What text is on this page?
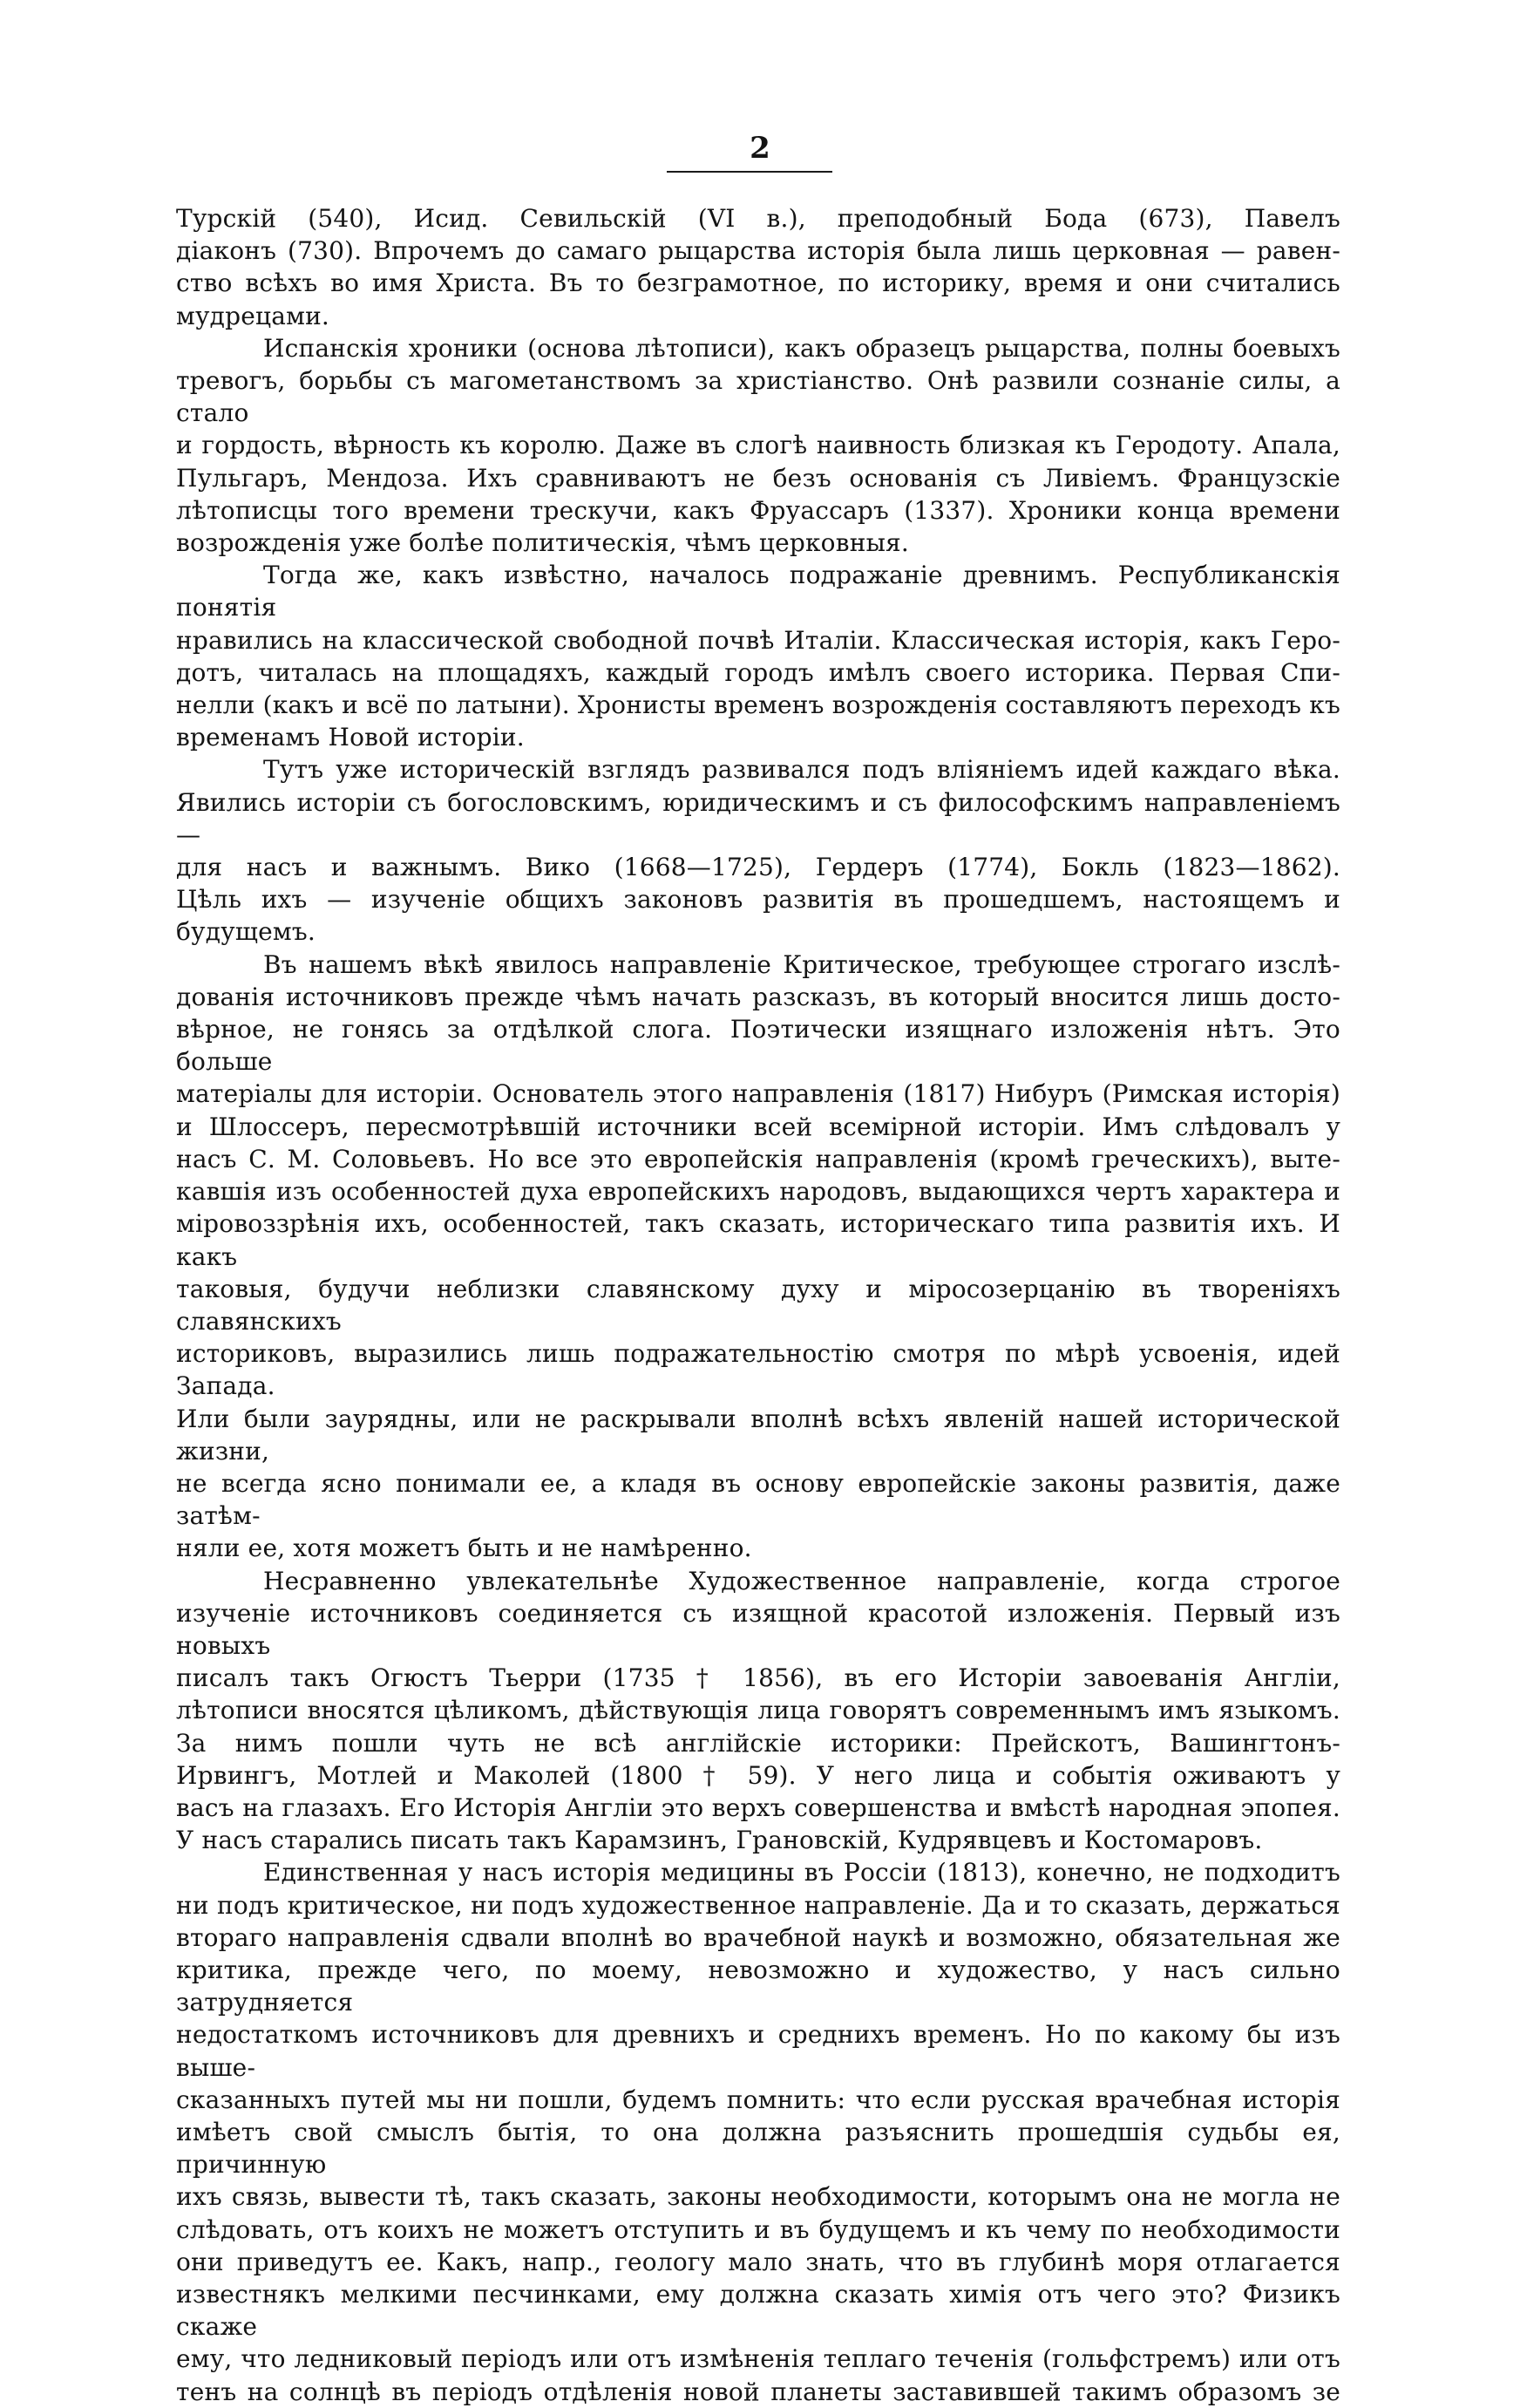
2

Турскій (540), Исид. Севильскій (VI в.), преподобный Бода (673), Павелъ

діаконъ (730). Впрочемъ до самаго рыцарства исторія была лишь церковная — равен-

ство всѣхъ во имя Христа. Въ то безграмотное, по историку, время и они считались

мудрецами.

Испанскія хроники (основа лѣтописи), какъ образецъ рыцарства, полны боевыхъ

тревогъ, борьбы съ магометанствомъ за христіанство. Онѣ развили сознаніе силы, а стало

и гордость, вѣрность къ королю. Даже въ слогѣ наивность близкая къ Геродоту. Апала,

Пульгаръ, Мендоза. Ихъ сравниваютъ не безъ основанія съ Ливіемъ. Французскіе

лѣтописцы того времени трескучи, какъ Фруассаръ (1337). Хроники конца времени

возрожденія уже болѣе политическія, чѣмъ церковныя.

Тогда же, какъ извѣстно, началось подражаніе древнимъ. Республиканскія понятія

нравились на классической свободной почвѣ Италіи. Классическая исторія, какъ Геро-

дотъ, читалась на площадяхъ, каждый городъ имѣлъ своего историка. Первая Спи-

нелли (какъ и всё по латыни). Хронисты временъ возрожденія составляютъ переходъ къ

временамъ Новой исторіи.

Тутъ уже историческій взглядъ развивался подъ вліяніемъ идей каждаго вѣка.

Явились исторіи съ богословскимъ, юридическимъ и съ философскимъ направленіемъ —

для насъ и важнымъ. Вико (1668—1725), Гердеръ (1774), Бокль (1823—1862).

Цѣль ихъ — изученіе общихъ законовъ развитія въ прошедшемъ, настоящемъ и будущемъ.

Въ нашемъ вѣкѣ явилось направленіе Критическое, требующее строгаго изслѣ-

дованія источниковъ прежде чѣмъ начать разсказъ, въ который вносится лишь досто-

вѣрное, не гонясь за отдѣлкой слога. Поэтически изящнаго изложенія нѣтъ. Это больше

матеріалы для исторіи. Основатель этого направленія (1817) Нибуръ (Римская исторія)

и Шлоссеръ, пересмотрѣвшій источники всей всемірной исторіи. Имъ слѣдовалъ у

насъ С. М. Соловьевъ. Но все это европейскія направленія (кромѣ греческихъ), выте-

кавшія изъ особенностей духа европейскихъ народовъ, выдающихся чертъ характера и

міровоззрѣнія ихъ, особенностей, такъ сказать, историческаго типа развитія ихъ. И какъ

таковыя, будучи неблизки славянскому духу и міросозерцанію въ твореніяхъ славянскихъ

историковъ, выразились лишь подражательностію смотря по мѣрѣ усвоенія, идей Запада.

Или были заурядны, или не раскрывали вполнѣ всѣхъ явленій нашей исторической жизни,

не всегда ясно понимали ее, а кладя въ основу европейскіе законы развитія, даже затѣм-

няли ее, хотя можетъ быть и не намѣренно.

Несравненно увлекательнѣе Художественное направленіе, когда строгое

изученіе источниковъ соединяется съ изящной красотой изложенія. Первый изъ новыхъ

писалъ такъ Огюстъ Тьерри (1735 † 1856), въ его Исторіи завоеванія Англіи,

лѣтописи вносятся цѣликомъ, дѣйствующія лица говорятъ современнымъ имъ языкомъ.

За нимъ пошли чуть не всѣ англійскіе историки: Прейскотъ, Вашингтонъ-

Ирвингъ, Мотлей и Маколей (1800 † 59). У него лица и событія оживаютъ у

васъ на глазахъ. Его Исторія Англіи это верхъ совершенства и вмѣстѣ народная эпопея.

У насъ старались писать такъ Карамзинъ, Грановскій, Кудрявцевъ и Костомаровъ.

Единственная у насъ исторія медицины въ Россіи (1813), конечно, не подходитъ

ни подъ критическое, ни подъ художественное направленіе. Да и то сказать, держаться

втораго направленія сдвали вполнѣ во врачебной наукѣ и возможно, обязательная же

критика, прежде чего, по моему, невозможно и художество, у насъ сильно затрудняется

недостаткомъ источниковъ для древнихъ и среднихъ временъ. Но по какому бы изъ выше-

сказанныхъ путей мы ни пошли, будемъ помнить: что если русская врачебная исторія

имѣетъ свой смыслъ бытія, то она должна разъяснить прошедшія судьбы ея, причинную

ихъ связь, вывести тѣ, такъ сказать, законы необходимости, которымъ она не могла не

слѣдовать, отъ коихъ не можетъ отступить и въ будущемъ и къ чему по необходимости

они приведутъ ее. Какъ, напр., геологу мало знать, что въ глубинѣ моря отлагается

известнякъ мелкими песчинками, ему должна сказать химія отъ чего это? Физикъ скаже

ему, что ледниковый періодъ или отъ измѣненія теплаго теченія (гольфстремъ) или отъ

тенъ на солнцѣ въ періодъ отдѣленія новой планеты заставившей такимъ образомъ зе
